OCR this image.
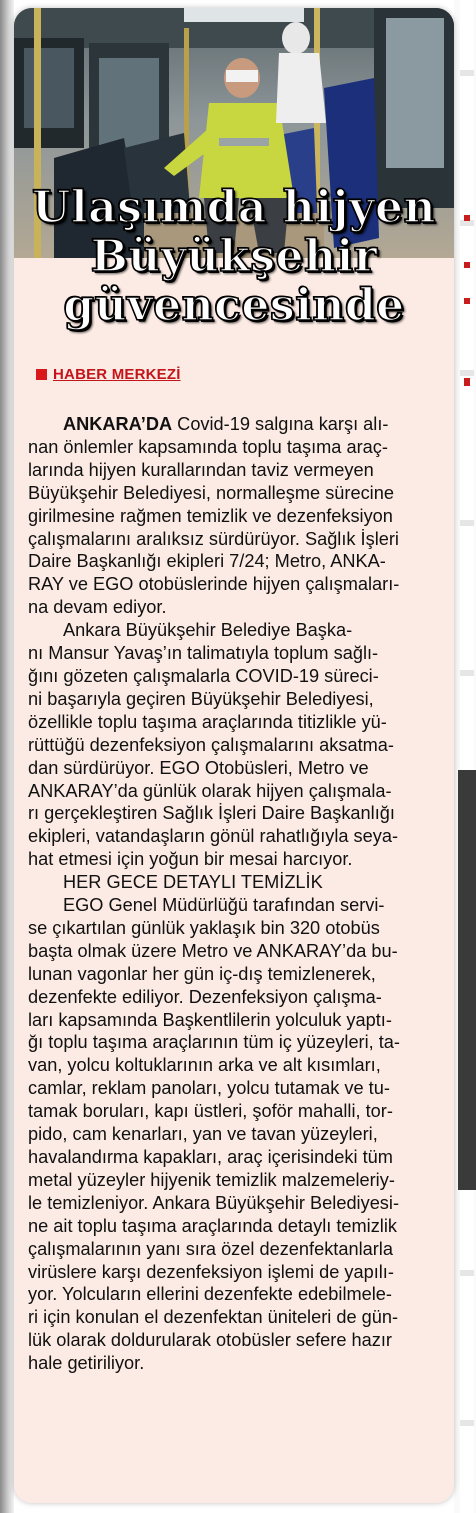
Ulaşımda hijyen
Büyükşehir
güvencesinde
HABER MERKEZİ
ANKARA’DA Covid-19 salgına karşı alı-
nan önlemler kapsamında toplu taşıma araç-
larında hijyen kurallarından taviz vermeyen
Büyükşehir Belediyesi, normalleşme sürecine
girilmesine rağmen temizlik ve dezenfeksiyon
çalışmalarını aralıksız sürdürüyor. Sağlık İşleri
Daire Başkanlığı ekipleri 7/24; Metro, ANKA-
RAY ve EGO otobüslerinde hijyen çalışmaları-
na devam ediyor.
Ankara Büyükşehir Belediye Başka-
nı Mansur Yavaş’ın talimatıyla toplum sağlı-
ğını gözeten çalışmalarla COVID-19 süreci-
ni başarıyla geçiren Büyükşehir Belediyesi,
özellikle toplu taşıma araçlarında titizlikle yü-
rüttüğü dezenfeksiyon çalışmalarını aksatma-
dan sürdürüyor. EGO Otobüsleri, Metro ve
ANKARAY’da günlük olarak hijyen çalışmala-
rı gerçekleştiren Sağlık İşleri Daire Başkanlığı
ekipleri, vatandaşların gönül rahatlığıyla seya-
hat etmesi için yoğun bir mesai harcıyor.
HER GECE DETAYLI TEMİZLİK
EGO Genel Müdürlüğü tarafından servi-
se çıkartılan günlük yaklaşık bin 320 otobüs
başta olmak üzere Metro ve ANKARAY’da bu-
lunan vagonlar her gün iç-dış temizlenerek,
dezenfekte ediliyor. Dezenfeksiyon çalışma-
ları kapsamında Başkentlilerin yolculuk yaptı-
ğı toplu taşıma araçlarının tüm iç yüzeyleri, ta-
van, yolcu koltuklarının arka ve alt kısımları,
camlar, reklam panoları, yolcu tutamak ve tu-
tamak boruları, kapı üstleri, şoför mahalli, tor-
pido, cam kenarları, yan ve tavan yüzeyleri,
havalandırma kapakları, araç içerisindeki tüm
metal yüzeyler hijyenik temizlik malzemeleriy-
le temizleniyor. Ankara Büyükşehir Belediyesi-
ne ait toplu taşıma araçlarında detaylı temizlik
çalışmalarının yanı sıra özel dezenfektanlarla
virüslere karşı dezenfeksiyon işlemi de yapılı-
yor. Yolcuların ellerini dezenfekte edebilmele-
ri için konulan el dezenfektan üniteleri de gün-
lük olarak doldurularak otobüsler sefere hazır
hale getiriliyor.
